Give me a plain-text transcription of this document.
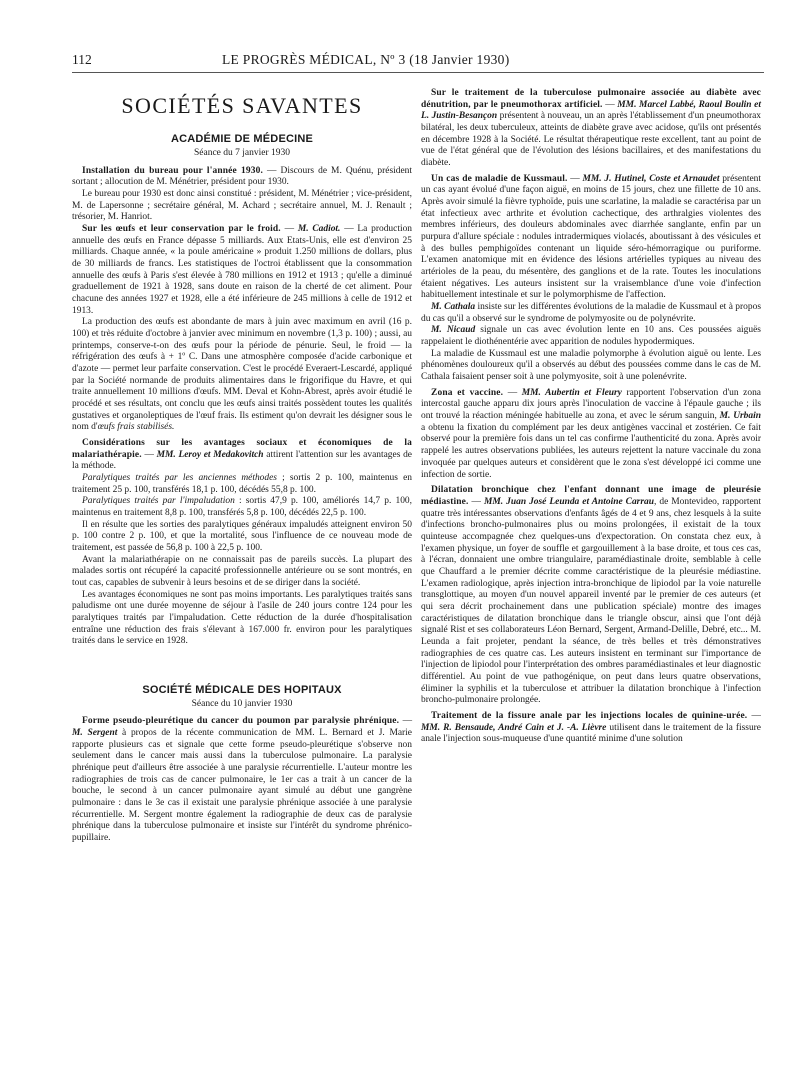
112	LE PROGRÈS MÉDICAL, Nº 3 (18 Janvier 1930)
SOCIÉTÉS SAVANTES
ACADÉMIE DE MÉDECINE
Séance du 7 janvier 1930

Installation du bureau pour l'année 1930. — Discours de M. Quénu, président sortant ; allocution de M. Ménétrier, président pour 1930.

Le bureau pour 1930 est donc ainsi constitué : président, M. Ménétrier ; vice-président, M. de Lapersonne ; secrétaire général, M. Achard ; secrétaire annuel, M. J. Renault ; trésorier, M. Hanriot.

Sur les œufs et leur conservation par le froid. — M. Cadiot. — La production annuelle des œufs en France dépasse 5 milliards. Aux Etats-Unis, elle est d'environ 25 milliards. Chaque année, « la poule américaine » produit 1.250 millions de dollars, plus de 30 milliards de francs. Les statistiques de l'octroi établissent que la consommation annuelle des œufs à Paris s'est élevée à 780 millions en 1912 et 1913 ; qu'elle a diminué graduellement de 1921 à 1928, sans doute en raison de la cherté de cet aliment. Pour chacune des années 1927 et 1928, elle a été inférieure de 245 millions à celle de 1912 et 1913.

La production des œufs est abondante de mars à juin avec maximum en avril (16 p. 100) et très réduite d'octobre à janvier avec minimum en novembre (1,3 p. 100) ; aussi, au printemps, conserve-t-on des œufs pour la période de pénurie. Seul, le froid — la réfrigération des œufs à + 1º C. Dans une atmosphère composée d'acide carbonique et d'azote — permet leur parfaite conservation. C'est le procédé Everaert-Lescardé, appliqué par la Société normande de produits alimentaires dans le frigorifique du Havre, et qui traite annuellement 10 millions d'œufs. MM. Deval et Kohn-Abrest, après avoir étudié le procédé et ses résultats, ont conclu que les œufs ainsi traités possèdent toutes les qualités gustatives et organoleptiques de l'œuf frais. Ils estiment qu'on devrait les désigner sous le nom d'œufs frais stabilisés.

Considérations sur les avantages sociaux et économiques de la malariathérapie. — MM. Leroy et Medakovitch attirent l'attention sur les avantages de la méthode.

Paralytiques traités par les anciennes méthodes ; sortis 2 p. 100, maintenus en traitement 25 p. 100, transférés 18,1 p. 100, décédés 55,8 p. 100.

Paralytiques traités par l'impaludation : sortis 47,9 p. 100, améliorés 14,7 p. 100, maintenus en traitement 8,8 p. 100, transférés 5,8 p. 100, décédés 22,5 p. 100.

Il en résulte que les sorties des paralytiques généraux impaludés atteignent environ 50 p. 100 contre 2 p. 100, et que la mortalité, sous l'influence de ce nouveau mode de traitement, est passée de 56,8 p. 100 à 22,5 p. 100.

Avant la malariathérapie on ne connaissait pas de pareils succès. La plupart des malades sortis ont récupéré la capacité professionnelle antérieure ou se sont montrés, en tout cas, capables de subvenir à leurs besoins et de se diriger dans la société.

Les avantages économiques ne sont pas moins importants. Les paralytiques traités sans paludisme ont une durée moyenne de séjour à l'asile de 240 jours contre 124 pour les paralytiques traités par l'impaludation. Cette réduction de la durée d'hospitalisation entraîne une réduction des frais s'élevant à 167.000 fr. environ pour les paralytiques traités dans le service en 1928.

SOCIÉTÉ MÉDICALE DES HOPITAUX
Séance du 10 janvier 1930

Forme pseudo-pleurétique du cancer du poumon par paralysie phrénique. — M. Sergent à propos de la récente communication de MM. L. Bernard et J. Marie rapporte plusieurs cas et signale que cette forme pseudo-pleurétique s'observe non seulement dans le cancer mais aussi dans la tuberculose pulmonaire. La paralysie phrénique peut d'ailleurs être associée à une paralysie récurrentielle. L'auteur montre les radiographies de trois cas de cancer pulmonaire, le 1er cas a trait à un cancer de la bouche, le second à un cancer pulmonaire ayant simulé au début une gangrène pulmonaire : dans le 3e cas il existait une paralysie phrénique associée à une paralysie récurrentielle. M. Sergent montre également la radiographie de deux cas de paralysie phrénique dans la tuberculose pulmonaire et insiste sur l'intérêt du syndrome phrénico-pupillaire.

Sur le traitement de la tuberculose pulmonaire associée au diabète avec dénutrition, par le pneumothorax artificiel. — MM. Marcel Labbé, Raoul Boulin et L. Justin-Besançon présentent à nouveau, un an après l'établissement d'un pneumothorax bilatéral, les deux tuberculeux, atteints de diabète grave avec acidose, qu'ils ont présentés en décembre 1928 à la Société. Le résultat thérapeutique reste excellent, tant au point de vue de l'état général que de l'évolution des lésions bacillaires, et des manifestations du diabète.

Un cas de maladie de Kussmaul. — MM. J. Hutinel, Coste et Arnaudet présentent un cas ayant évolué d'une façon aiguë, en moins de 15 jours, chez une fillette de 10 ans. Après avoir simulé la fièvre typhoïde, puis une scarlatine, la maladie se caractérisa par un état infectieux avec arthrite et évolution cachectique, des arthralgies violentes des membres inférieurs, des douleurs abdominales avec diarrhée sanglante, enfin par un purpura d'allure spéciale : nodules intradermiques violacés, aboutissant à des vésicules et à des bulles pemphigoïdes contenant un liquide séro-hémorragique ou puriforme. L'examen anatomique mit en évidence des lésions artérielles typiques au niveau des artérioles de la peau, du mésentère, des ganglions et de la rate. Toutes les inoculations étaient négatives. Les auteurs insistent sur la vraisemblance d'une voie d'infection habituellement intestinale et sur le polymorphisme de l'affection.

M. Cathala insiste sur les différentes évolutions de la maladie de Kussmaul et à propos du cas qu'il a observé sur le syndrome de polymyosite ou de polynévrite.

M. Nicaud signale un cas avec évolution lente en 10 ans. Ces poussées aiguës rappelaient le diothénentérie avec apparition de nodules hypodermiques.

La maladie de Kussmaul est une maladie polymorphe à évolution aiguë ou lente. Les phénomènes douloureux qu'il a observés au début des poussées comme dans le cas de M. Cathala faisaient penser soit à une polymyosite, soit à une polenévrite.

Zona et vaccine. — MM. Aubertin et Fleury rapportent l'observation d'un zona intercostal gauche apparu dix jours après l'inoculation de vaccine à l'épaule gauche ; ils ont trouvé la réaction méningée habituelle au zona, et avec le sérum sanguin, M. Urbain a obtenu la fixation du complément par les deux antigènes vaccinal et zostérien. Ce fait observé pour la première fois dans un tel cas confirme l'authenticité du zona. Après avoir rappelé les autres observations publiées, les auteurs rejettent la nature vaccinale du zona invoquée par quelques auteurs et considèrent que le zona s'est développé ici comme une infection de sortie.

Dilatation bronchique chez l'enfant donnant une image de pleurésie médiastine. — MM. Juan José Leunda et Antoine Carrau, de Montevideo, rapportent quatre très intéressantes observations d'enfants âgés de 4 et 9 ans, chez lesquels à la suite d'infections broncho-pulmonaires plus ou moins prolongées, il existait de la toux quinteuse accompagnée chez quelques-uns d'expectoration. On constata chez eux, à l'examen physique, un foyer de souffle et gargouillement à la base droite, et tous ces cas, à l'écran, donnaient une ombre triangulaire, paramédiastinale droite, semblable à celle que Chauffard a le premier décrite comme caractéristique de la pleurésie médiastine. L'examen radiologique, après injection intra-bronchique de lipiodol par la voie naturelle transglottique, au moyen d'un nouvel appareil inventé par le premier de ces auteurs (et qui sera décrit prochainement dans une publication spéciale) montre des images caractéristiques de dilatation bronchique dans le triangle obscur, ainsi que l'ont déjà signalé Rist et ses collaborateurs Léon Bernard, Sergent, Armand-Delille, Debré, etc... M. Leunda a fait projeter, pendant la séance, de très belles et très démonstratives radiographies de ces quatre cas. Les auteurs insistent en terminant sur l'importance de l'injection de lipiodol pour l'interprétation des ombres paramédiastinales et leur diagnostic différentiel. Au point de vue pathogénique, on peut dans leurs quatre observations, éliminer la syphilis et la tuberculose et attribuer la dilatation bronchique à l'infection broncho-pulmonaire prolongée.

Traitement de la fissure anale par les injections locales de quinine-urée. — MM. R. Bensaude, André Cain et J. -A. Lièvre utilisent dans le traitement de la fissure anale l'injection sous-muqueuse d'une quantité minime d'une solution
